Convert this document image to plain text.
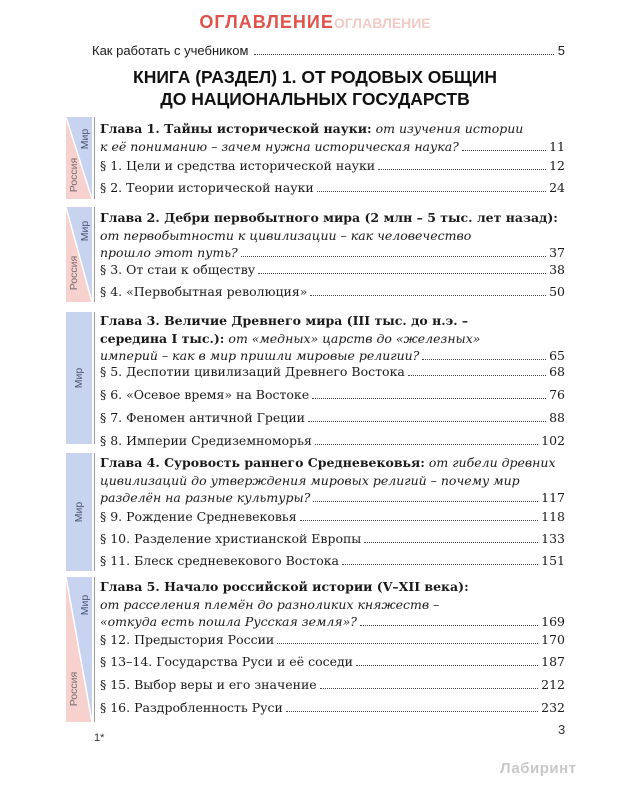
ОГЛАВЛЕНИЕОГЛАВЛЕНИЕ
Как работать с учебником	5
КНИГА (РАЗДЕЛ) 1. ОТ РОДОВЫХ ОБЩИН
ДО НАЦИОНАЛЬНЫХ ГОСУДАРСТВ
Мир
Россия
Глава 1. Тайны исторической науки: от изучения истории
к её пониманию – зачем нужна историческая наука?	11
§ 1. Цели и средства исторической науки	12
§ 2. Теории исторической науки	24
Мир
Россия
Глава 2. Дебри первобытного мира (2 млн – 5 тыс. лет назад):
от первобытности к цивилизации – как человечество
прошло этот путь?	37
§ 3. От стаи к обществу	38
§ 4. «Первобытная революция»	50
Мир
Глава 3. Величие Древнего мира (III тыс. до н.э. –
середина I тыс.): от «медных» царств до «железных»
империй – как в мир пришли мировые религии?	65
§ 5. Деспотии цивилизаций Древнего Востока	68
§ 6. «Осевое время» на Востоке	76
§ 7. Феномен античной Греции	88
§ 8. Империи Средиземноморья	102
Мир
Глава 4. Суровость раннего Средневековья: от гибели древних
цивилизаций до утверждения мировых религий – почему мир
разделён на разные культуры?	117
§ 9. Рождение Средневековья	118
§ 10. Разделение христианской Европы	133
§ 11. Блеск средневекового Востока	151
Мир
Россия
Глава 5. Начало российской истории (V–XII века):
от расселения племён до разноликих княжеств –
«откуда есть пошла Русская земля»?	169
§ 12. Предыстория России	170
§ 13–14. Государства Руси и её соседи	187
§ 15. Выбор веры и его значение	212
§ 16. Раздробленность Руси	232
1*
3
Лабиринт
